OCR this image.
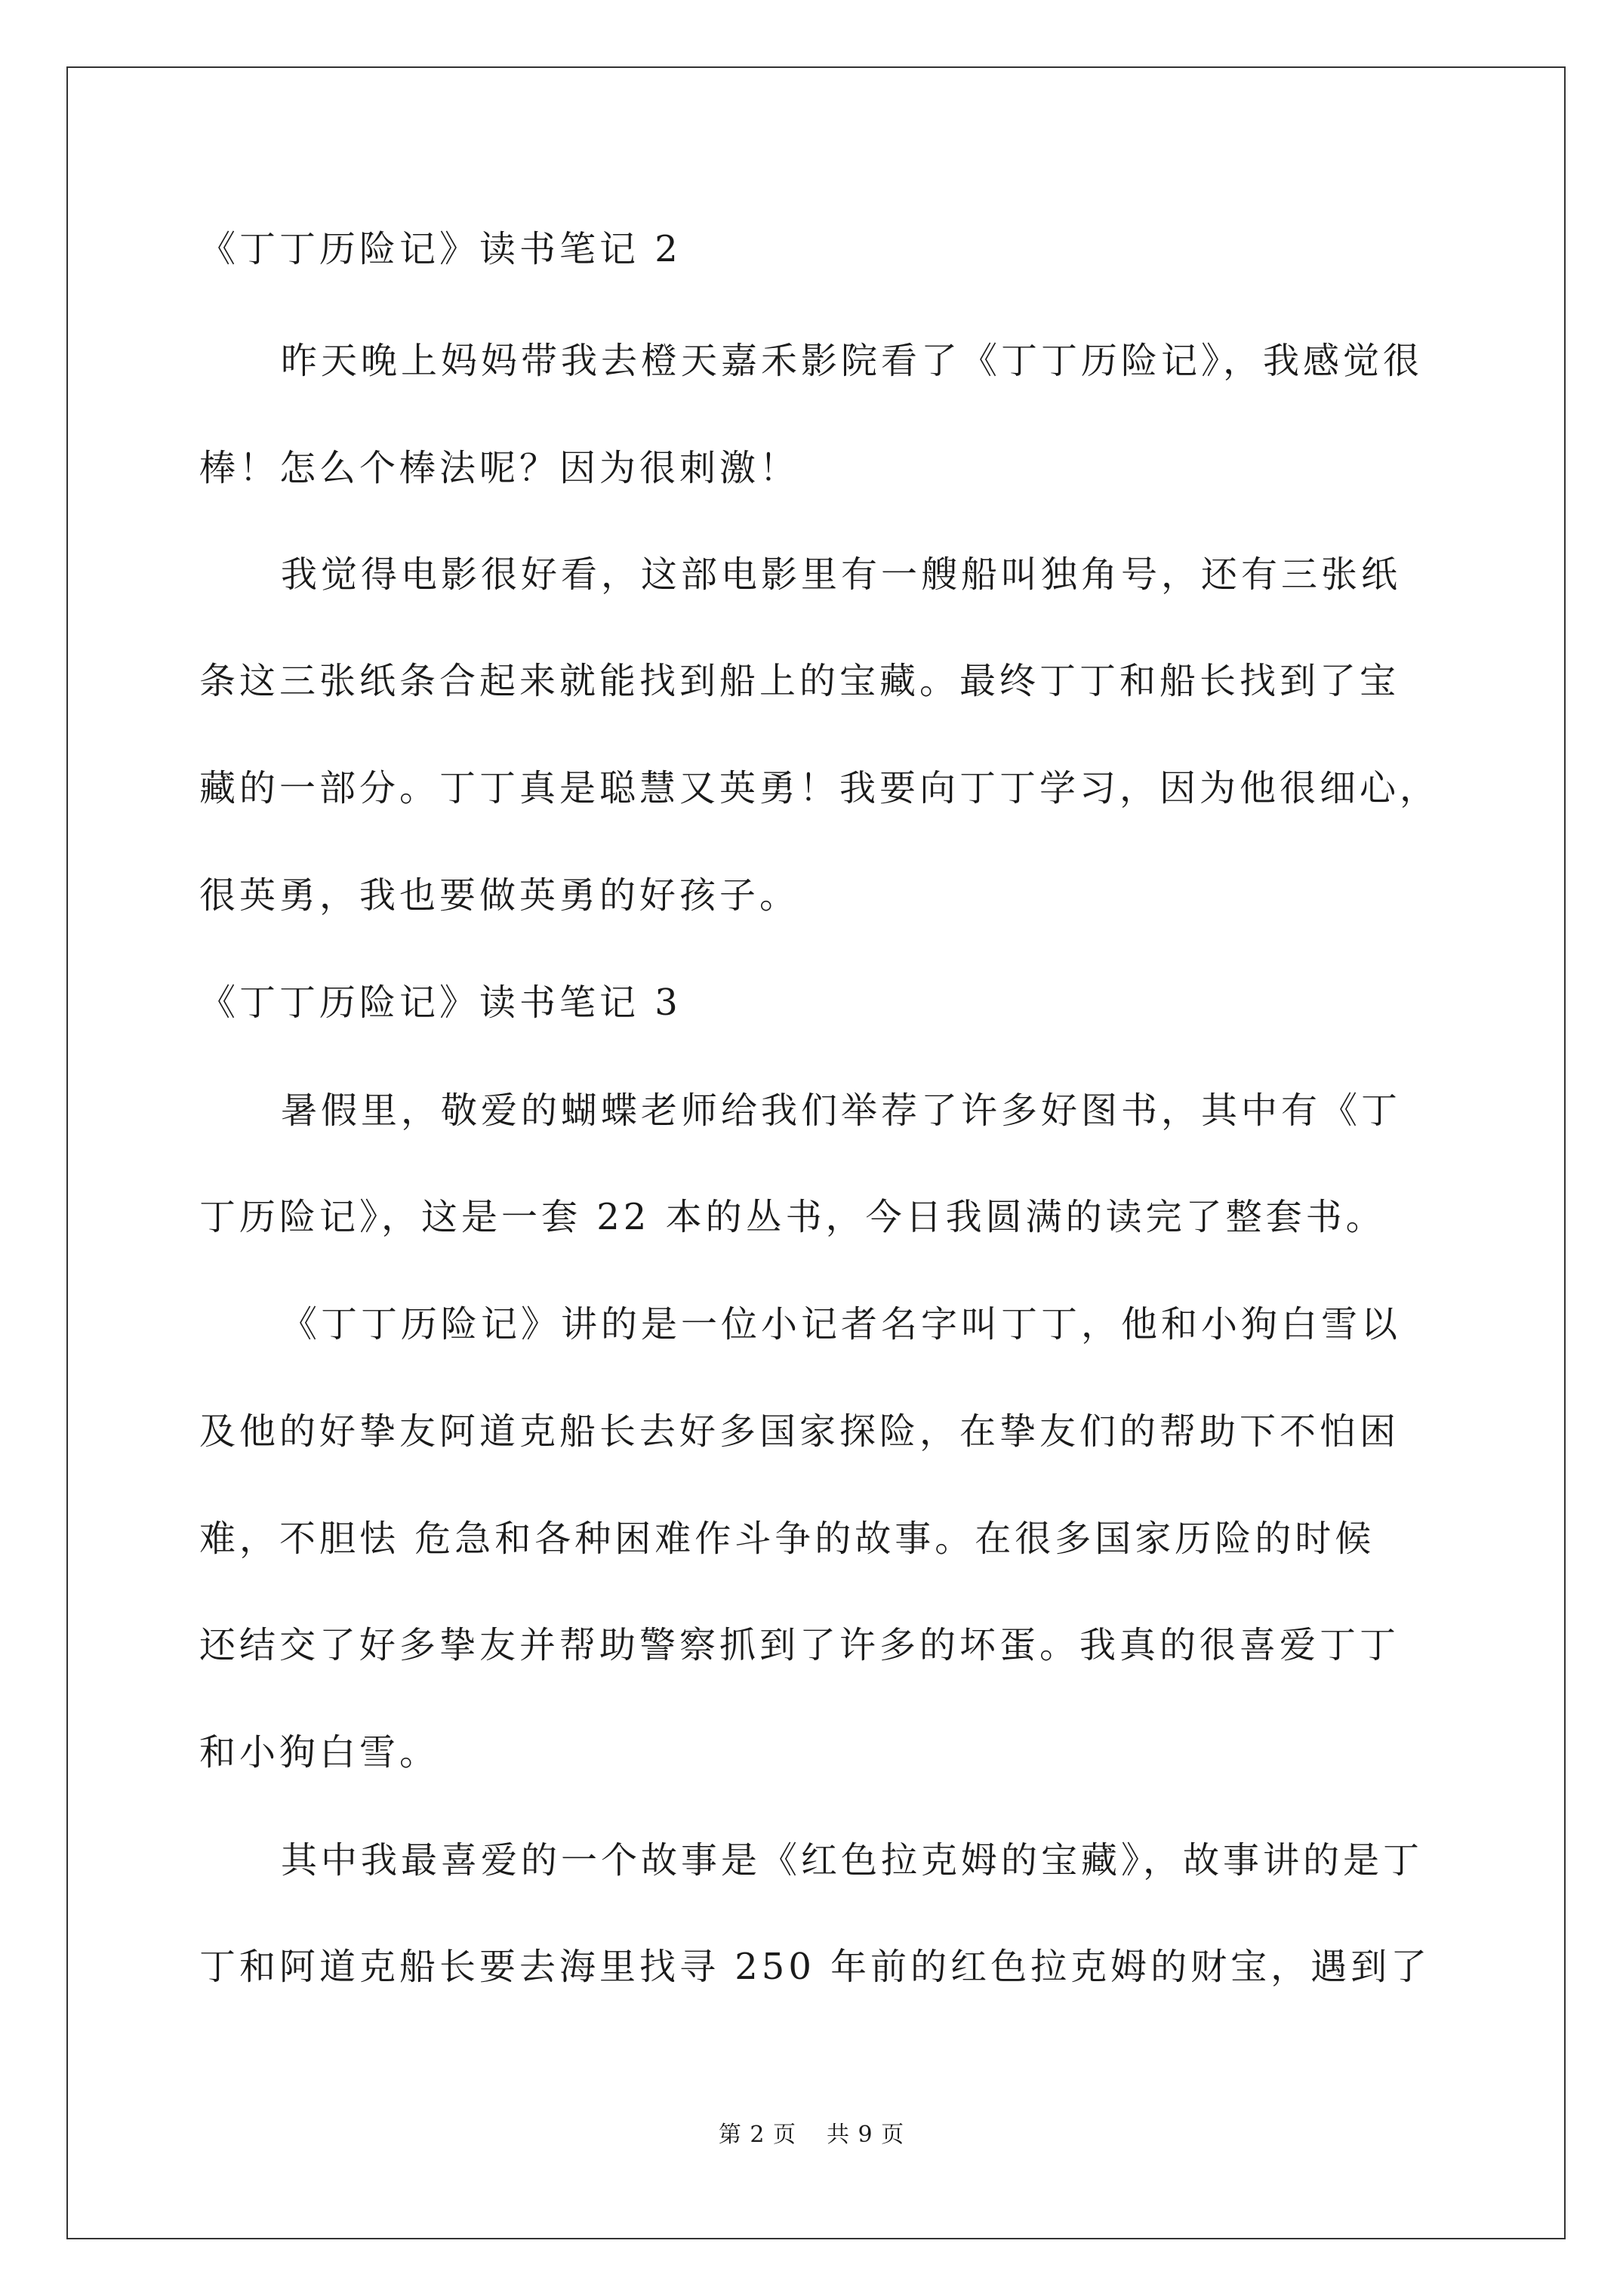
《丁丁历险记》读书笔记 2
昨天晚上妈妈带我去橙天嘉禾影院看了《丁丁历险记》，我感觉很
棒！怎么个棒法呢？因为很刺激！
我觉得电影很好看，这部电影里有一艘船叫独角号，还有三张纸
条这三张纸条合起来就能找到船上的宝藏。最终丁丁和船长找到了宝
藏的一部分。丁丁真是聪慧又英勇！我要向丁丁学习，因为他很细心，
很英勇，我也要做英勇的好孩子。
《丁丁历险记》读书笔记 3
暑假里，敬爱的蝴蝶老师给我们举荐了许多好图书，其中有《丁
丁历险记》，这是一套 22 本的丛书，今日我圆满的读完了整套书。
《丁丁历险记》讲的是一位小记者名字叫丁丁，他和小狗白雪以
及他的好挚友阿道克船长去好多国家探险，在挚友们的帮助下不怕困
难，不胆怯 危急和各种困难作斗争的故事。在很多国家历险的时候
还结交了好多挚友并帮助警察抓到了许多的坏蛋。我真的很喜爱丁丁
和小狗白雪。
其中我最喜爱的一个故事是《红色拉克姆的宝藏》，故事讲的是丁
丁和阿道克船长要去海里找寻 250 年前的红色拉克姆的财宝，遇到了
第 2 页 共 9 页
